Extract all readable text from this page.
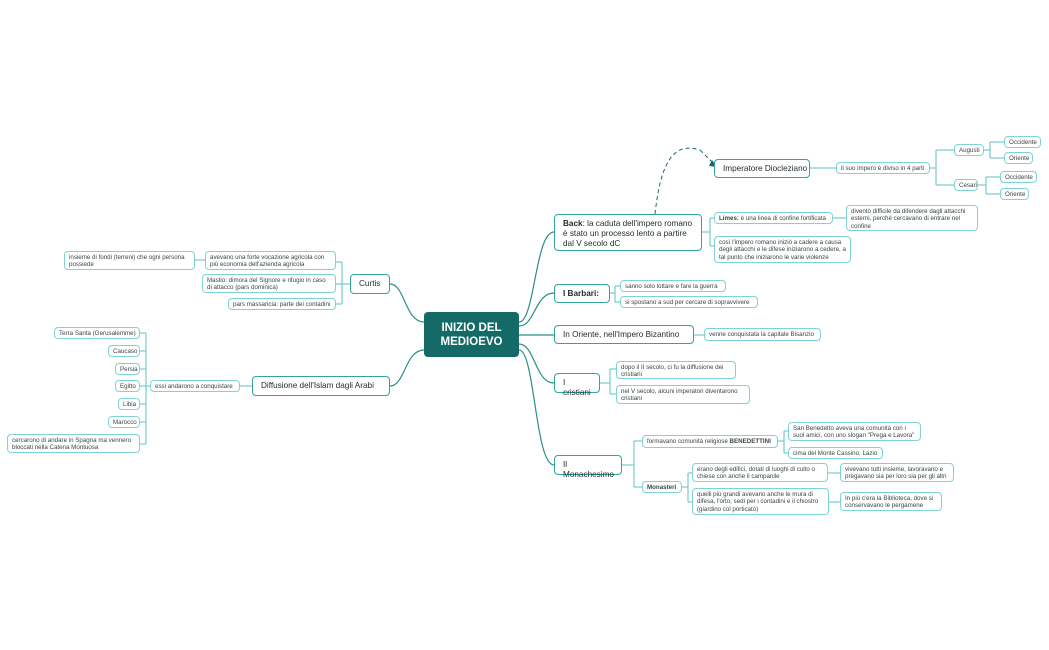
INIZIO DEL
MEDIOEVO
Back: la caduta dell'impero romano è stato un processo lento a partire dal V secolo dC
Limes: è una linea di confine fortificata
diventò difficile da difendere dagli attacchi esterni, perché cercavano di entrare nel confine
così l'impero romano iniziò a cadere a causa degli attacchi e le difese iniziarono a cedere, a tal punto che iniziarono le varie violenze
Imperatore Diocleziano	il suo impero è diviso in 4 parti
Augusti
Cesari
Occidente
Oriente
Occidente
Oriente
I Barbari:
sanno solo lottare e fare la guerra
si spostano a sud per cercare di sopravvivere
In Oriente, nell'Impero Bizantino	venne conquistata la capitale Bisanzio
I cristiani
dopo il II secolo, ci fu la diffusione dei cristiani
nel V secolo, alcuni imperatori diventarono cristiani
Il Monachesimo
formavano comunità religiose BENEDETTINI
San Benedetto aveva una comunità con i suoi amici, con uno slogan "Prega e Lavora"
cima del Monte Cassino, Lazio
Monasteri
erano degli edifici, dotati di luoghi di culto o chiese con anche il campanile
vivevano tutti insieme, lavoravano e pregavano sia per loro sia per gli altri
quelli più grandi avevano anche le mura di difesa, l'orto, sedi per i contadini e il chiostro (giardino col porticato)
In più c'era la Biblioteca, dove si conservavano le pergamene
Curtis
avevano una forte vocazione agricola con più economia dell'azienda agricola
insieme di fondi (terreni) che ogni persona possiede
Mastio: dimora del Signore e rifugio in caso di attacco (pars dominica)
pars massaricia: parte dei contadini
Diffusione dell'Islam dagli Arabi
essi andarono a conquistare
Terra Santa (Gerusalemme)
Caucaso
Persia
Egitto
Libia
Marocco
cercarono di andare in Spagna ma vennero bloccati nella Catena Montuosa
